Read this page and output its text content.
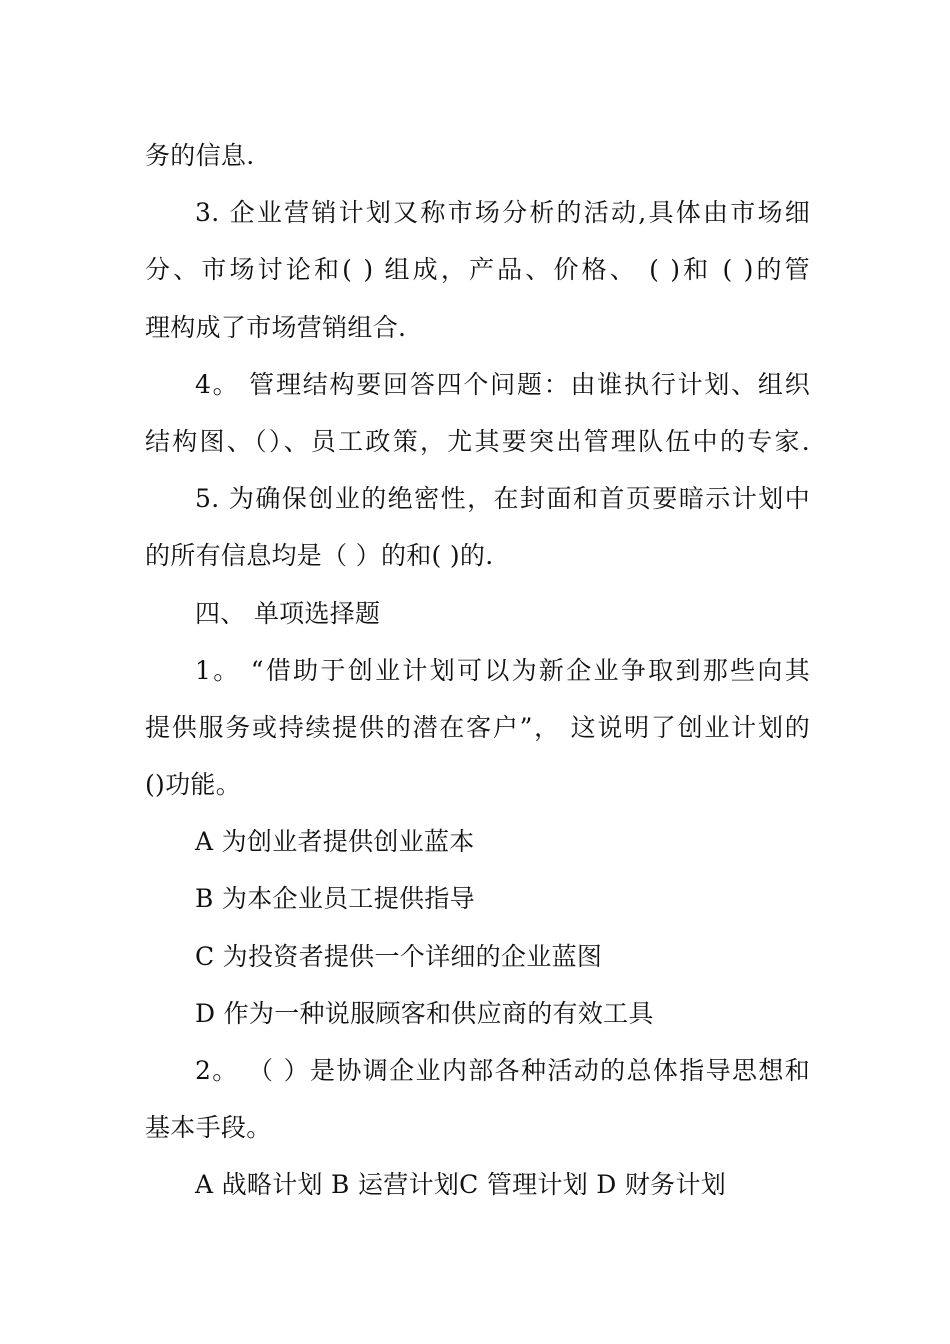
务的信息.
3. 企业营销计划又称市场分析的活动,具体由市场细
分、市场讨论和( ) 组成，产品、价格、 ( )和 ( )的管
理构成了市场营销组合.
4。 管理结构要回答四个问题：由谁执行计划、组织
结构图、（）、员工政策，尤其要突出管理队伍中的专家.
5. 为确保创业的绝密性，在封面和首页要暗示计划中
的所有信息均是（ ）的和( )的.
四、 单项选择题
1。 “借助于创业计划可以为新企业争取到那些向其
提供服务或持续提供的潜在客户”， 这说明了创业计划的
()功能。
A 为创业者提供创业蓝本
B 为本企业员工提供指导
C 为投资者提供一个详细的企业蓝图
D 作为一种说服顾客和供应商的有效工具
2。 （ ）是协调企业内部各种活动的总体指导思想和
基本手段。
A 战略计划 B 运营计划C 管理计划 D 财务计划
